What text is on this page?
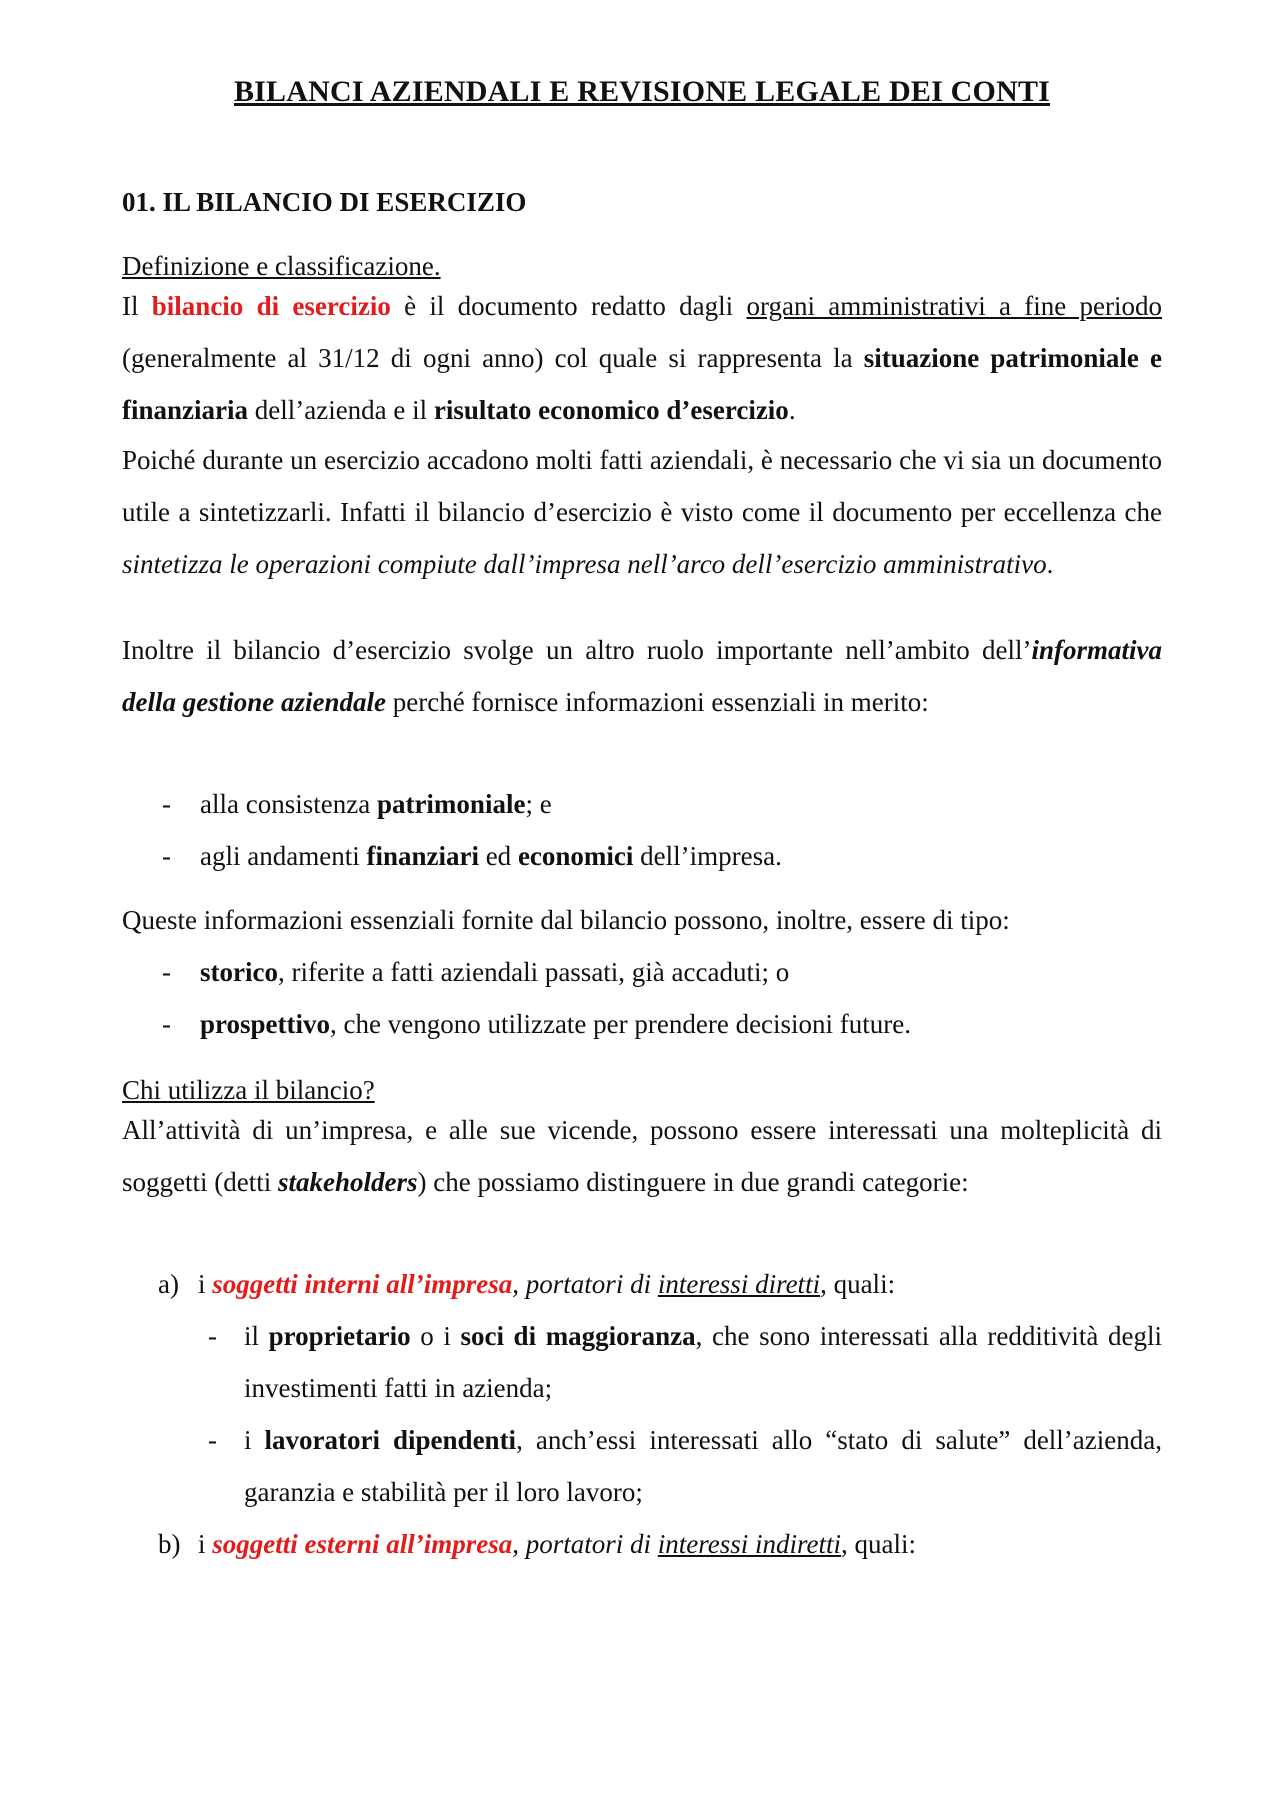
BILANCI AZIENDALI E REVISIONE LEGALE DEI CONTI
01. IL BILANCIO DI ESERCIZIO

Definizione e classificazione.

Il bilancio di esercizio è il documento redatto dagli organi amministrativi a fine periodo (generalmente al 31/12 di ogni anno) col quale si rappresenta la situazione patrimoniale e finanziaria dell’azienda e il risultato economico d’esercizio.

Poiché durante un esercizio accadono molti fatti aziendali, è necessario che vi sia un documento utile a sintetizzarli. Infatti il bilancio d’esercizio è visto come il documento per eccellenza che sintetizza le operazioni compiute dall’impresa nell’arco dell’esercizio amministrativo.

Inoltre il bilancio d’esercizio svolge un altro ruolo importante nell’ambito dell’informativa della gestione aziendale perché fornisce informazioni essenziali in merito:

- alla consistenza patrimoniale; e
- agli andamenti finanziari ed economici dell’impresa.

Queste informazioni essenziali fornite dal bilancio possono, inoltre, essere di tipo:

- storico, riferite a fatti aziendali passati, già accaduti; o
- prospettivo, che vengono utilizzate per prendere decisioni future.

Chi utilizza il bilancio?

All’attività di un’impresa, e alle sue vicende, possono essere interessati una molteplicità di soggetti (detti stakeholders) che possiamo distinguere in due grandi categorie:

a) i soggetti interni all’impresa, portatori di interessi diretti, quali:
- il proprietario o i soci di maggioranza, che sono interessati alla redditività degli investimenti fatti in azienda;
- i lavoratori dipendenti, anch’essi interessati allo “stato di salute” dell’azienda, garanzia e stabilità per il loro lavoro;
b) i soggetti esterni all’impresa, portatori di interessi indiretti, quali:
